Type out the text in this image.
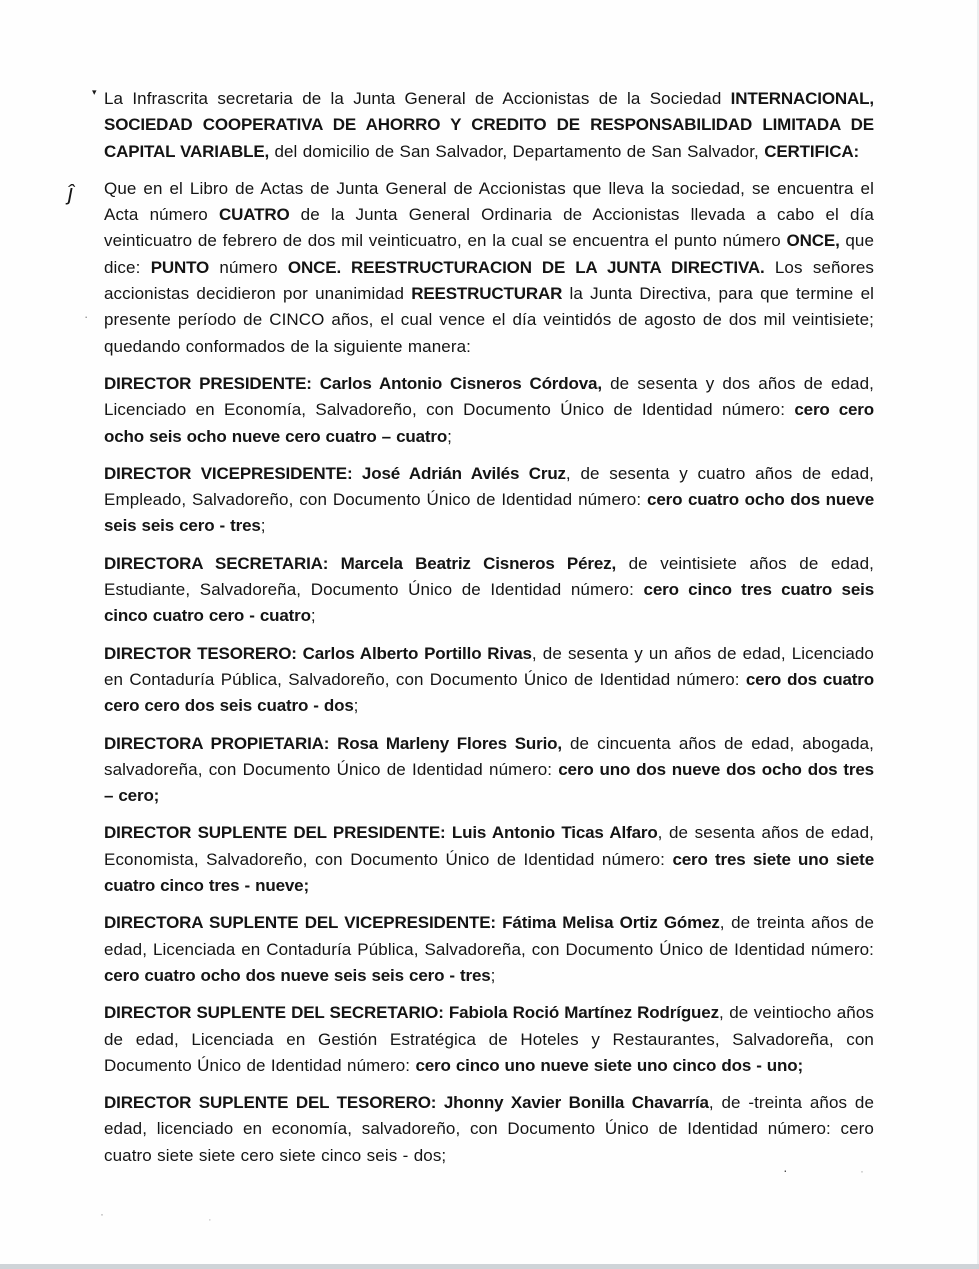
La Infrascrita secretaria de la Junta General de Accionistas de la Sociedad INTERNACIONAL, SOCIEDAD COOPERATIVA DE AHORRO Y CREDITO DE RESPONSABILIDAD LIMITADA DE CAPITAL VARIABLE, del domicilio de San Salvador, Departamento de San Salvador, CERTIFICA:

Que en el Libro de Actas de Junta General de Accionistas que lleva la sociedad, se encuentra el Acta número CUATRO de la Junta General Ordinaria de Accionistas llevada a cabo el día veinticuatro de febrero de dos mil veinticuatro, en la cual se encuentra el punto número ONCE, que dice: PUNTO número ONCE. REESTRUCTURACION DE LA JUNTA DIRECTIVA. Los señores accionistas decidieron por unanimidad REESTRUCTURAR la Junta Directiva, para que termine el presente período de CINCO años, el cual vence el día veintidós de agosto de dos mil veintisiete; quedando conformados de la siguiente manera:

DIRECTOR PRESIDENTE: Carlos Antonio Cisneros Córdova, de sesenta y dos años de edad, Licenciado en Economía, Salvadoreño, con Documento Único de Identidad número: cero cero ocho seis ocho nueve cero cuatro – cuatro;

DIRECTOR VICEPRESIDENTE: José Adrián Avilés Cruz, de sesenta y cuatro años de edad, Empleado, Salvadoreño, con Documento Único de Identidad número: cero cuatro ocho dos nueve seis seis cero - tres;

DIRECTORA SECRETARIA: Marcela Beatriz Cisneros Pérez, de veintisiete años de edad, Estudiante, Salvadoreña, Documento Único de Identidad número: cero cinco tres cuatro seis cinco cuatro cero - cuatro;

DIRECTOR TESORERO: Carlos Alberto Portillo Rivas, de sesenta y un años de edad, Licenciado en Contaduría Pública, Salvadoreño, con Documento Único de Identidad número: cero dos cuatro cero cero dos seis cuatro - dos;

DIRECTORA PROPIETARIA: Rosa Marleny Flores Surio, de cincuenta años de edad, abogada, salvadoreña, con Documento Único de Identidad número: cero uno dos nueve dos ocho dos tres – cero;

DIRECTOR SUPLENTE DEL PRESIDENTE: Luis Antonio Ticas Alfaro, de sesenta años de edad, Economista, Salvadoreño, con Documento Único de Identidad número: cero tres siete uno siete cuatro cinco tres - nueve;

DIRECTORA SUPLENTE DEL VICEPRESIDENTE: Fátima Melisa Ortiz Gómez, de treinta años de edad, Licenciada en Contaduría Pública, Salvadoreña, con Documento Único de Identidad número: cero cuatro ocho dos nueve seis seis cero - tres;

DIRECTOR SUPLENTE DEL SECRETARIO: Fabiola Roció Martínez Rodríguez, de veintiocho años de edad, Licenciada en Gestión Estratégica de Hoteles y Restaurantes, Salvadoreña, con Documento Único de Identidad número: cero cinco uno nueve siete uno cinco dos - uno;

DIRECTOR SUPLENTE DEL TESORERO: Jhonny Xavier Bonilla Chavarría, de -treinta años de edad, licenciado en economía, salvadoreño, con Documento Único de Identidad número: cero cuatro siete siete cero siete cinco seis - dos;

▾
ĵ
·
·	·
·	·
